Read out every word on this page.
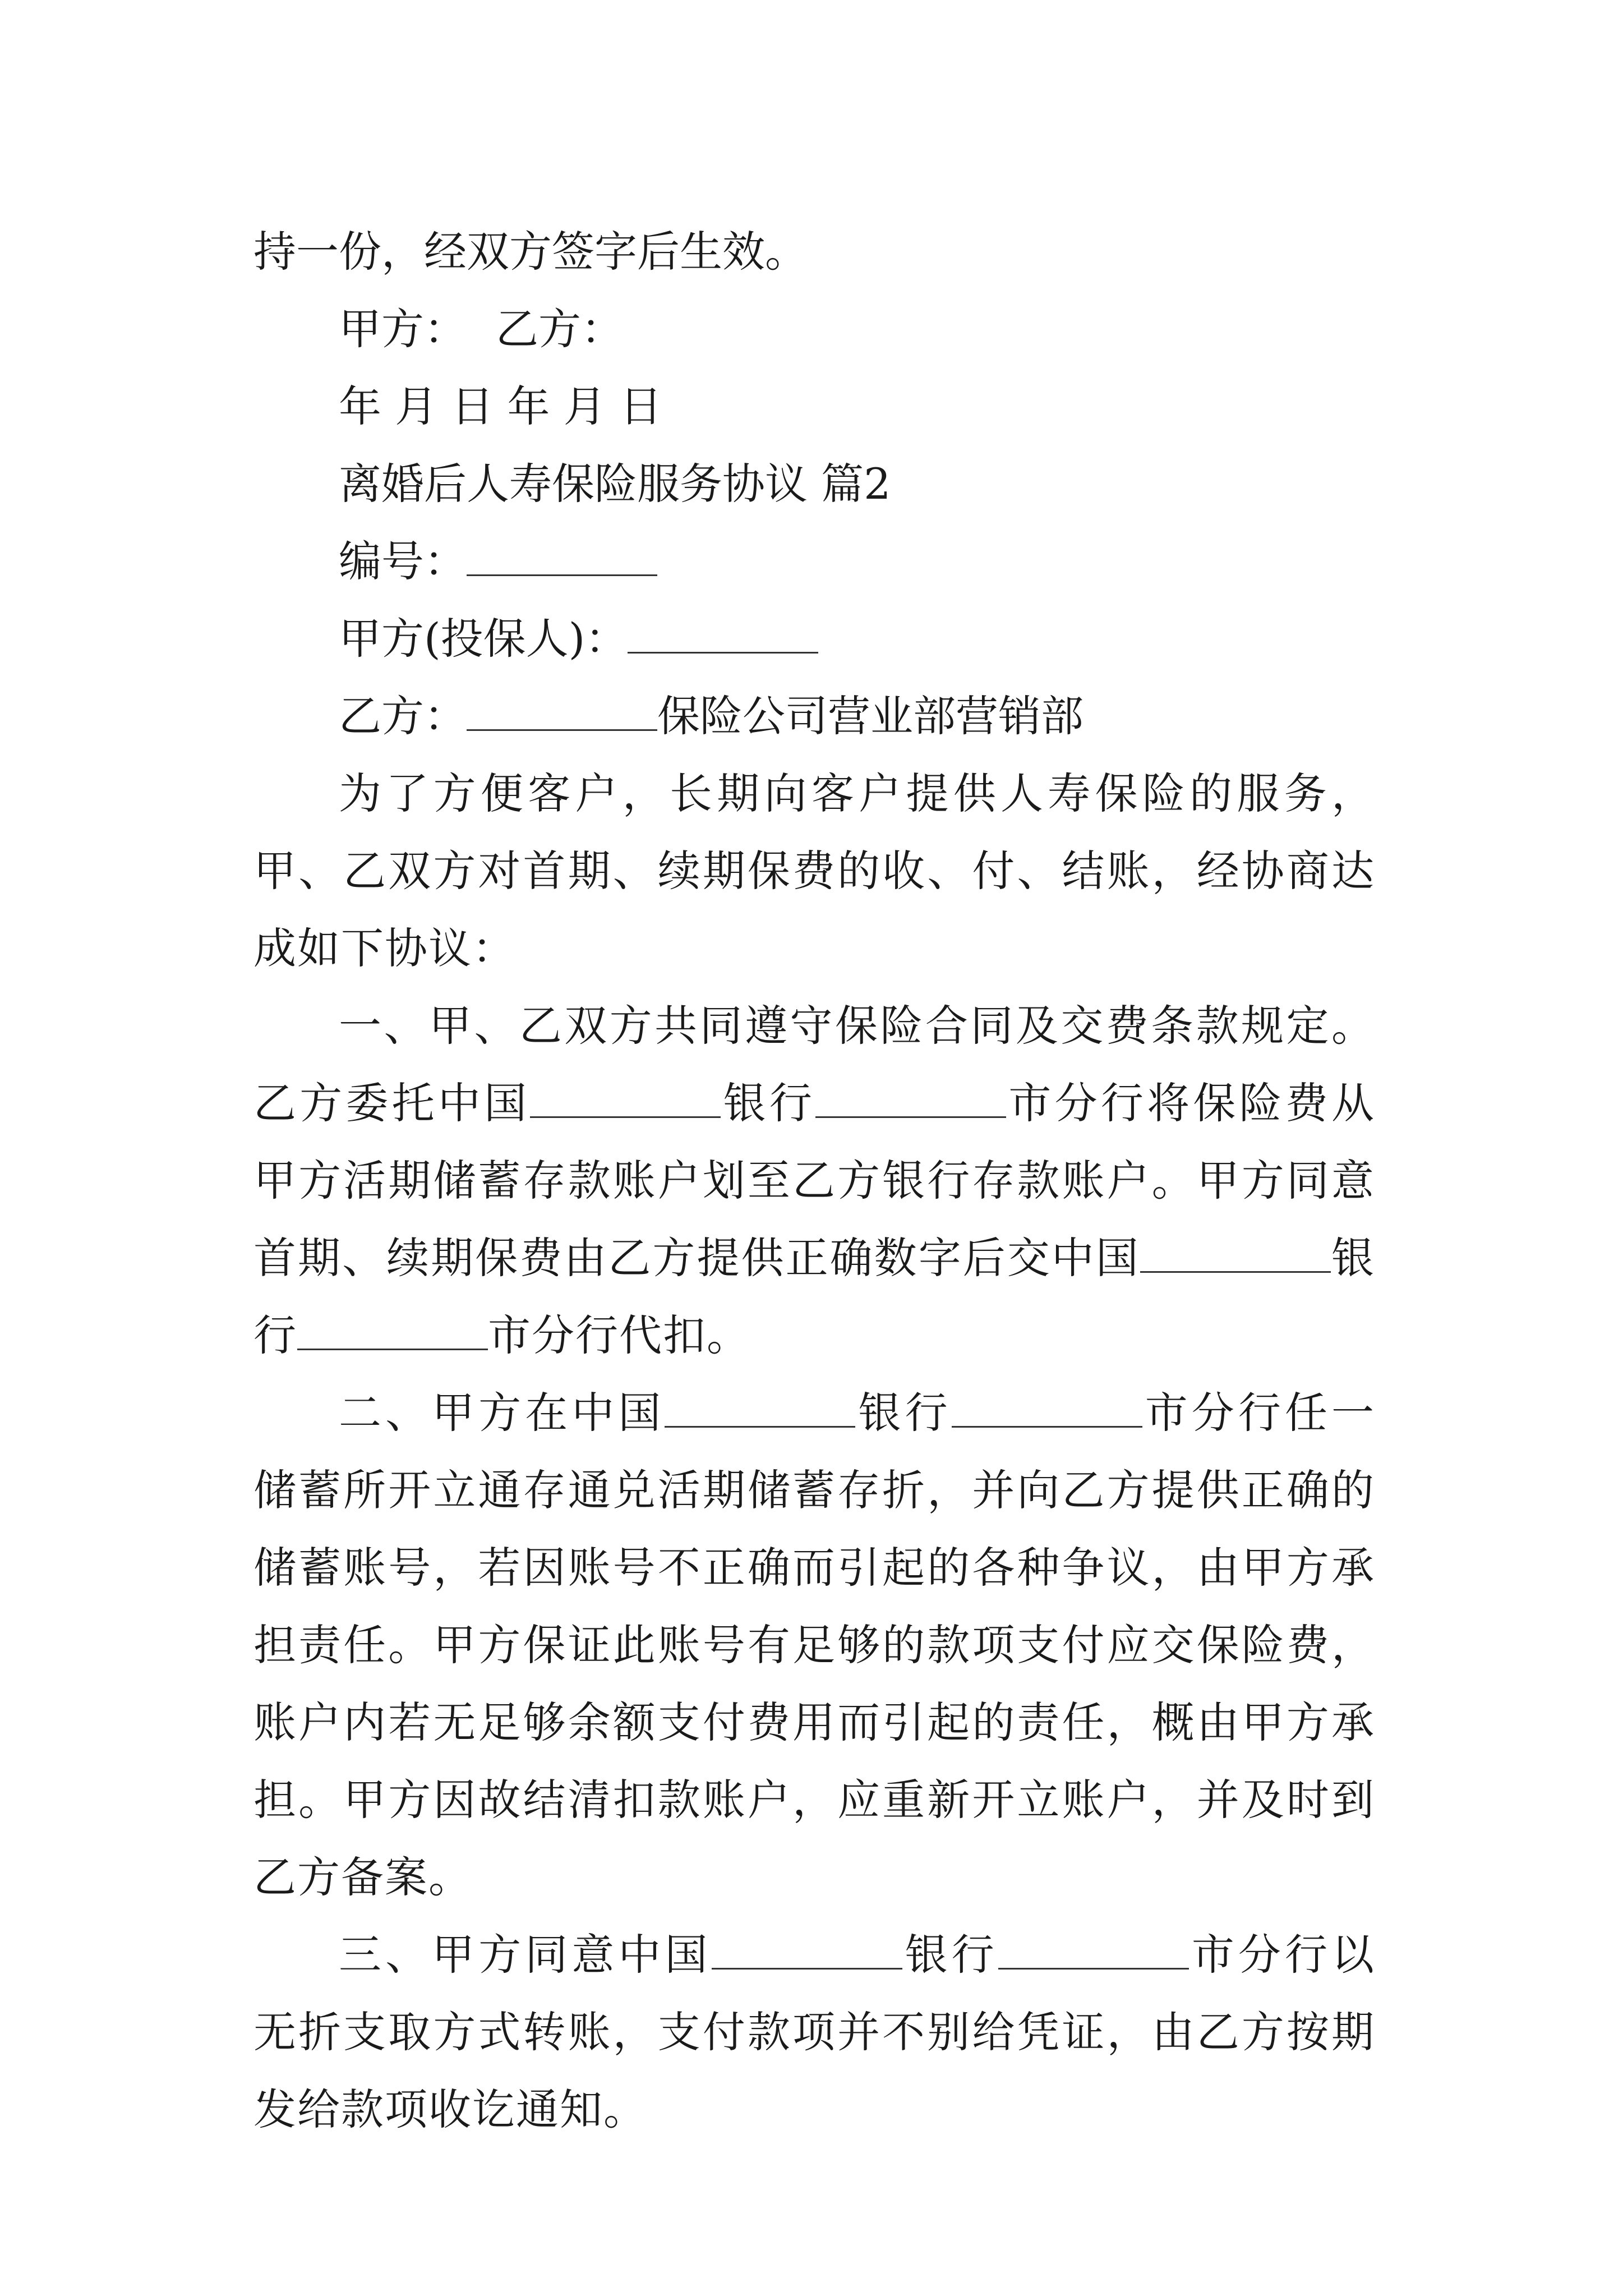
持一份，经双方签字后生效。
甲方： 乙方：
年 月 日 年 月 日
离婚后人寿保险服务协议 篇2
编号：
甲方(投保人)：
乙方：	保险公司营业部营销部

为了方便客户，长期向客户提供人寿保险的服务，甲、乙双方对首期、续期保费的收、付、结账，经协商达成如下协议：

一、甲、乙双方共同遵守保险合同及交费条款规定。乙方委托中国	银行	市分行将保险费从甲方活期储蓄存款账户划至乙方银行存款账户。甲方同意首期、续期保费由乙方提供正确数字后交中国	银行	市分行代扣。

二、甲方在中国	银行	市分行任一储蓄所开立通存通兑活期储蓄存折，并向乙方提供正确的储蓄账号，若因账号不正确而引起的各种争议，由甲方承担责任。甲方保证此账号有足够的款项支付应交保险费，账户内若无足够余额支付费用而引起的责任，概由甲方承担。甲方因故结清扣款账户，应重新开立账户，并及时到乙方备案。

三、甲方同意中国	银行	市分行以无折支取方式转账，支付款项并不别给凭证，由乙方按期发给款项收讫通知。
